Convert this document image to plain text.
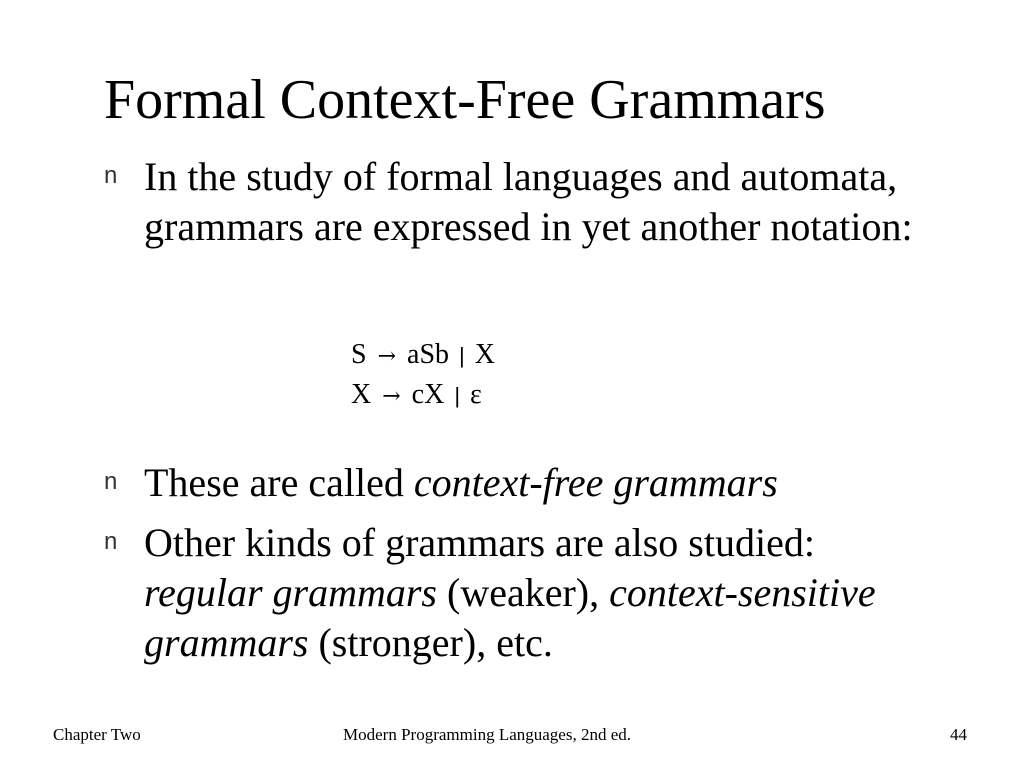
Formal Context-Free Grammars
n In the study of formal languages and automata, grammars are expressed in yet another notation:
S → aSb | X
X → cX | ε
n These are called context-free grammars
n Other kinds of grammars are also studied: regular grammars (weaker), context-sensitive grammars (stronger), etc.
Chapter Two	Modern Programming Languages, 2nd ed.	44
